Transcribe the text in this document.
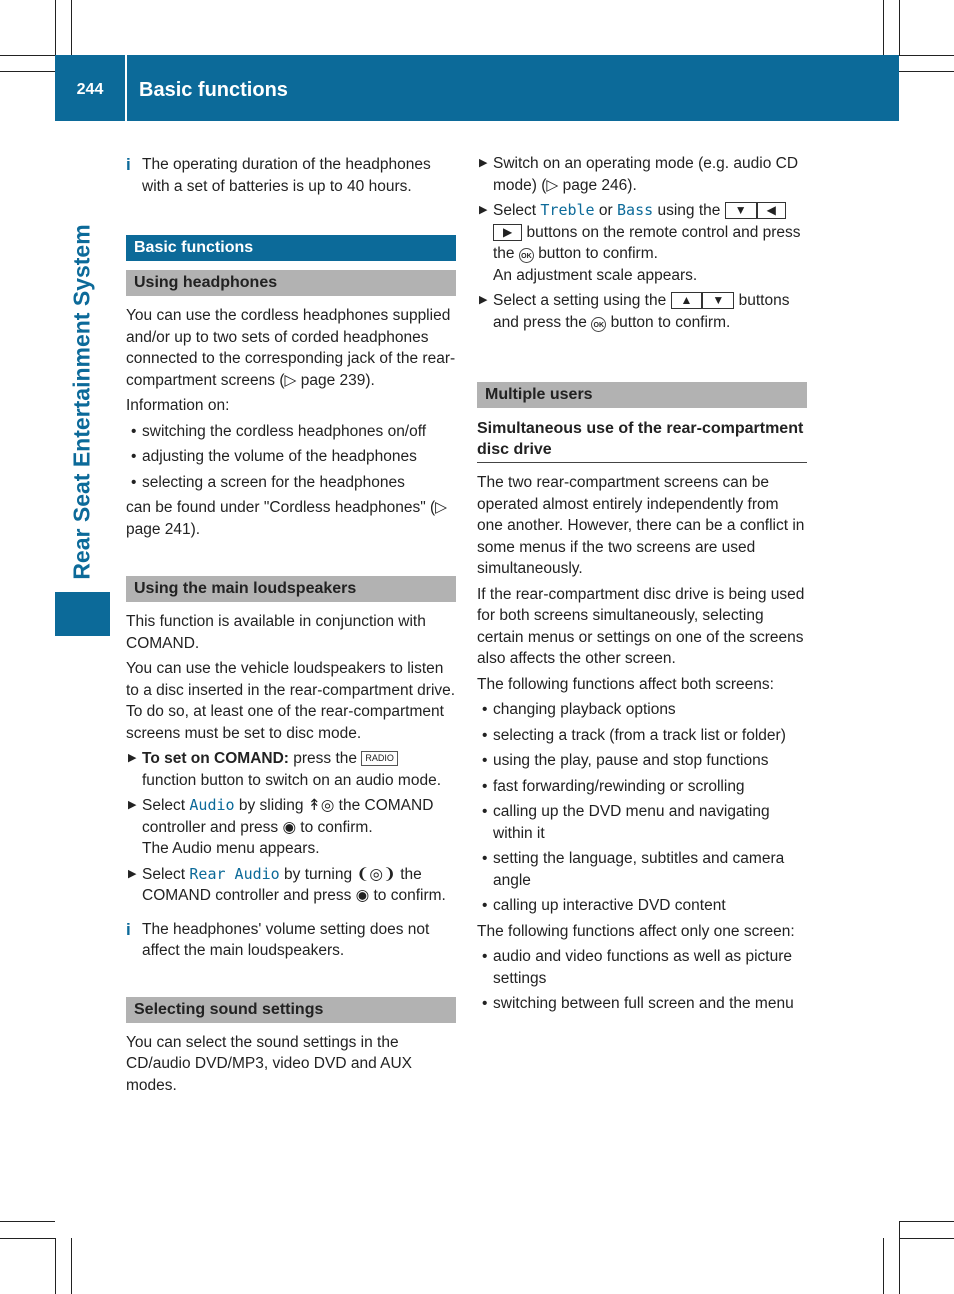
244	Basic functions
Rear Seat Entertainment System
i The operating duration of the headphones with a set of batteries is up to 40 hours.
Basic functions
Using headphones

You can use the cordless headphones supplied and/or up to two sets of corded headphones connected to the corresponding jack of the rear-compartment screens (▷ page 239).

Information on:

• switching the cordless headphones on/off
• adjusting the volume of the headphones
• selecting a screen for the headphones

can be found under "Cordless headphones" (▷ page 241).

Using the main loudspeakers

This function is available in conjunction with COMAND.

You can use the vehicle loudspeakers to listen to a disc inserted in the rear-compartment drive. To do so, at least one of the rear-compartment screens must be set to disc mode.

▶ To set on COMAND: press the RADIO function button to switch on an audio mode.
▶ Select Audio by sliding ↟◎ the COMAND controller and press ◉ to confirm.
The Audio menu appears.
▶ Select Rear Audio by turning ❨◎❩ the COMAND controller and press ◉ to confirm.
i The headphones' volume setting does not affect the main loudspeakers.
Selecting sound settings

You can select the sound settings in the CD/audio DVD/MP3, video DVD and AUX modes.

▶ Switch on an operating mode (e.g. audio CD mode) (▷ page 246).
▶ Select Treble or Bass using the ▼ ◀▶ buttons on the remote control and press the OK button to confirm.
An adjustment scale appears.
▶ Select a setting using the ▲ ▼ buttons and press the OK button to confirm.
Multiple users
Simultaneous use of the rear-compartment disc drive

The two rear-compartment screens can be operated almost entirely independently from one another. However, there can be a conflict in some menus if the two screens are used simultaneously.

If the rear-compartment disc drive is being used for both screens simultaneously, selecting certain menus or settings on one of the screens also affects the other screen.

The following functions affect both screens:

• changing playback options
• selecting a track (from a track list or folder)
• using the play, pause and stop functions
• fast forwarding/rewinding or scrolling
• calling up the DVD menu and navigating within it
• setting the language, subtitles and camera angle
• calling up interactive DVD content

The following functions affect only one screen:

• audio and video functions as well as picture settings
• switching between full screen and the menu
